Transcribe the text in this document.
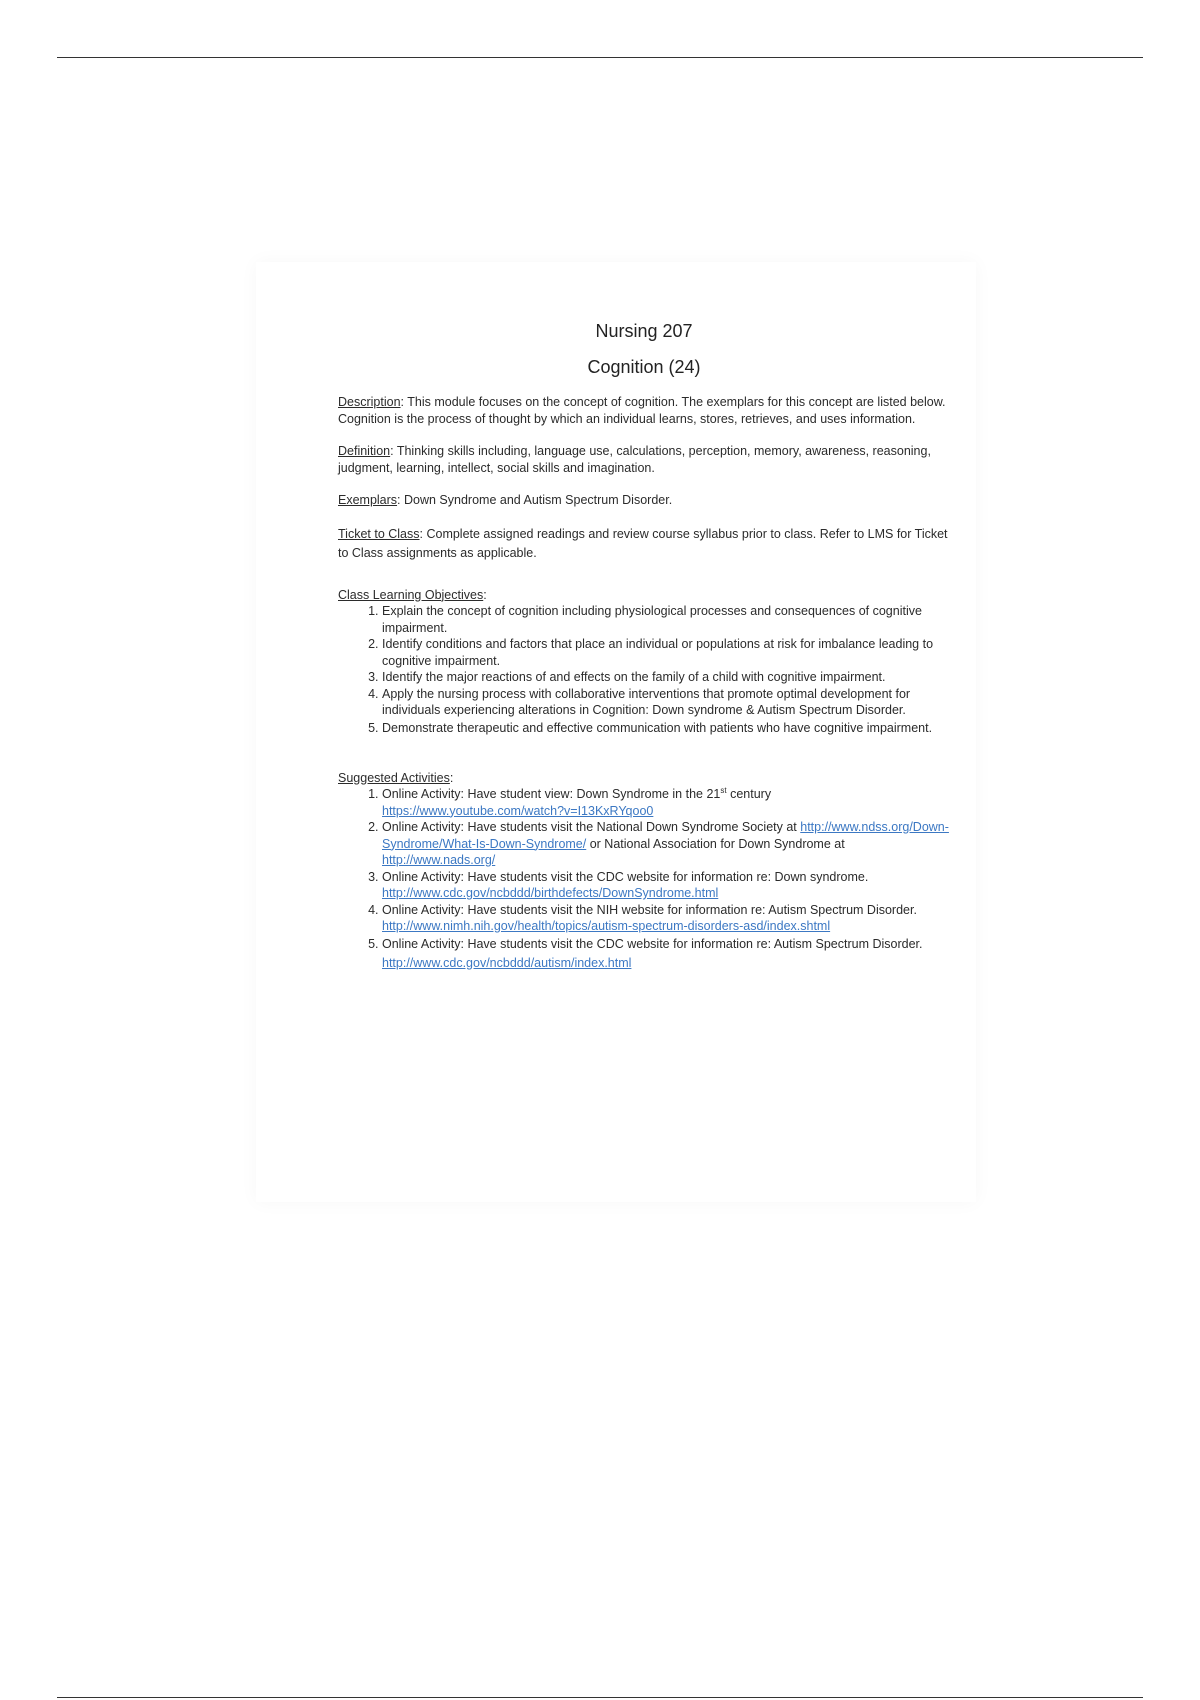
Nursing 207

Cognition (24)

Description: This module focuses on the concept of cognition. The exemplars for this concept are listed below. Cognition is the process of thought by which an individual learns, stores, retrieves, and uses information.

Definition: Thinking skills including, language use, calculations, perception, memory, awareness, reasoning, judgment, learning, intellect, social skills and imagination.

Exemplars: Down Syndrome and Autism Spectrum Disorder.

Ticket to Class: Complete assigned readings and review course syllabus prior to class. Refer to LMS for Ticket to Class assignments as applicable.

Class Learning Objectives:

1. Explain the concept of cognition including physiological processes and consequences of cognitive impairment.
2. Identify conditions and factors that place an individual or populations at risk for imbalance leading to cognitive impairment.
3. Identify the major reactions of and effects on the family of a child with cognitive impairment.
4. Apply the nursing process with collaborative interventions that promote optimal development for individuals experiencing alterations in Cognition: Down syndrome & Autism Spectrum Disorder.
5. Demonstrate therapeutic and effective communication with patients who have cognitive impairment.

Suggested Activities:

1. Online Activity: Have student view: Down Syndrome in the 21st century https://www.youtube.com/watch?v=I13KxRYqoo0
2. Online Activity: Have students visit the National Down Syndrome Society at http://www.ndss.org/Down-Syndrome/What-Is-Down-Syndrome/ or National Association for Down Syndrome at http://www.nads.org/
3. Online Activity: Have students visit the CDC website for information re: Down syndrome. http://www.cdc.gov/ncbddd/birthdefects/DownSyndrome.html
4. Online Activity: Have students visit the NIH website for information re: Autism Spectrum Disorder. http://www.nimh.nih.gov/health/topics/autism-spectrum-disorders-asd/index.shtml
5. Online Activity: Have students visit the CDC website for information re: Autism Spectrum Disorder. http://www.cdc.gov/ncbddd/autism/index.html
